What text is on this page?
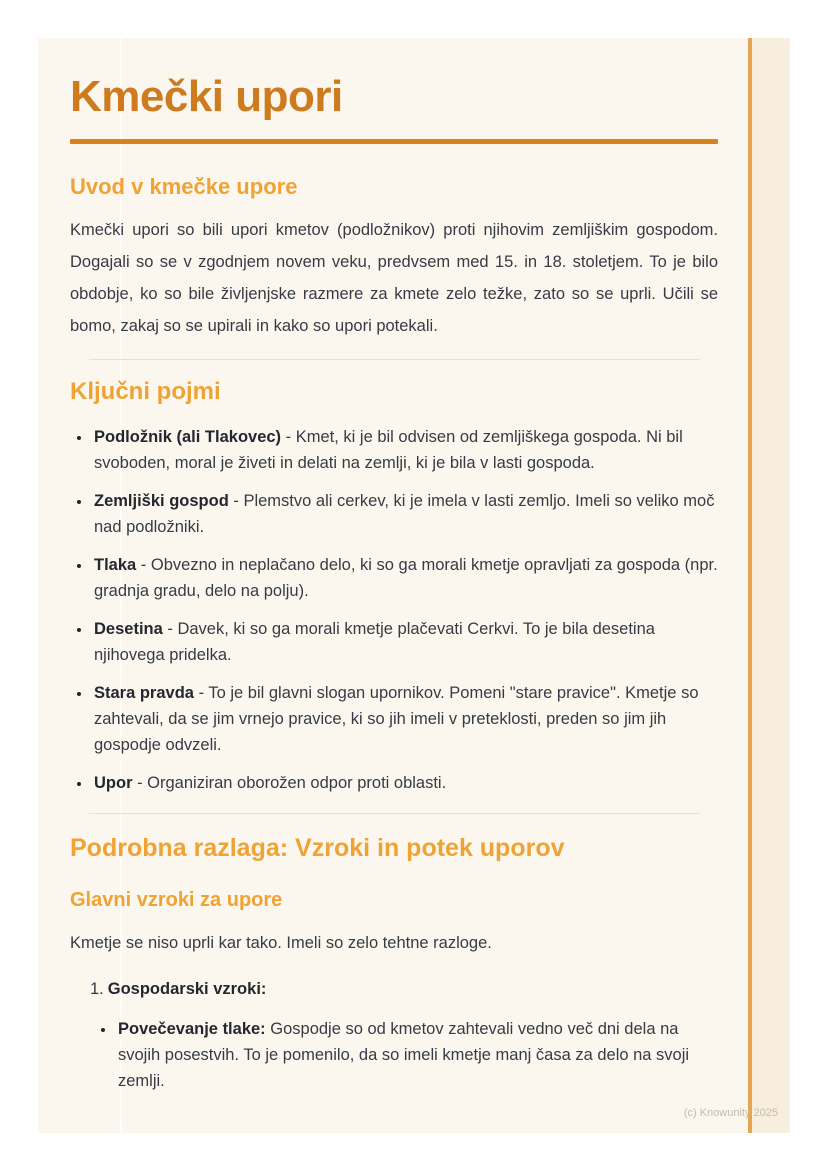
Kmečki upori
Uvod v kmečke upore

Kmečki upori so bili upori kmetov (podložnikov) proti njihovim zemljiškim gospodom. Dogajali so se v zgodnjem novem veku, predvsem med 15. in 18. stoletjem. To je bilo obdobje, ko so bile življenjske razmere za kmete zelo težke, zato so se uprli. Učili se bomo, zakaj so se upirali in kako so upori potekali.

Ključni pojmi
• Podložnik (ali Tlakovec) - Kmet, ki je bil odvisen od zemljiškega gospoda. Ni bil svoboden, moral je živeti in delati na zemlji, ki je bila v lasti gospoda.
• Zemljiški gospod - Plemstvo ali cerkev, ki je imela v lasti zemljo. Imeli so veliko moč nad podložniki.
• Tlaka - Obvezno in neplačano delo, ki so ga morali kmetje opravljati za gospoda (npr. gradnja gradu, delo na polju).
• Desetina - Davek, ki so ga morali kmetje plačevati Cerkvi. To je bila desetina njihovega pridelka.
• Stara pravda - To je bil glavni slogan upornikov. Pomeni "stare pravice". Kmetje so zahtevali, da se jim vrnejo pravice, ki so jih imeli v preteklosti, preden so jim jih gospodje odvzeli.
• Upor - Organiziran oborožen odpor proti oblasti.
Podrobna razlaga: Vzroki in potek uporov
Glavni vzroki za upore

Kmetje se niso uprli kar tako. Imeli so zelo tehtne razloge.

1. Gospodarski vzroki:
• Povečevanje tlake: Gospodje so od kmetov zahtevali vedno več dni dela na svojih posestvih. To je pomenilo, da so imeli kmetje manj časa za delo na svoji zemlji.
(c) Knowunity 2025
